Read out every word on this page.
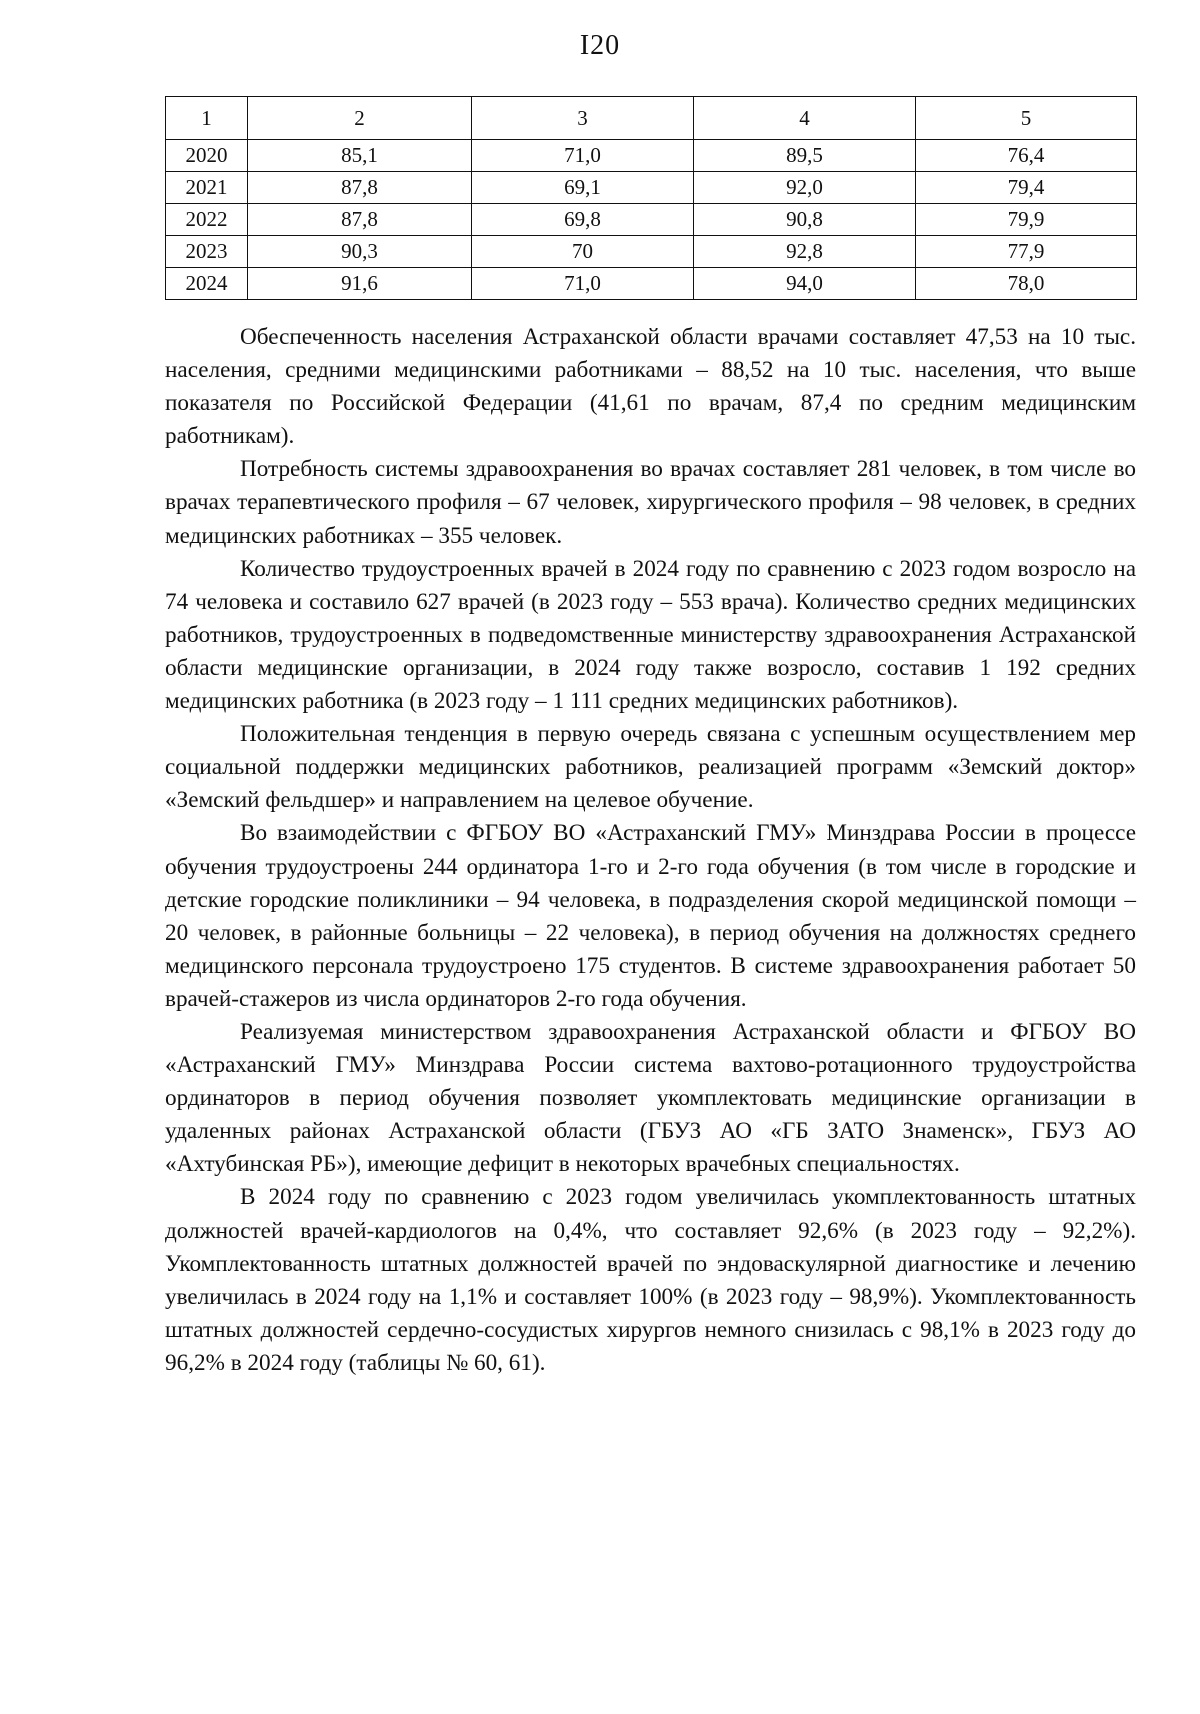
I20
1	2	3	4	5
2020	85,1	71,0	89,5	76,4
2021	87,8	69,1	92,0	79,4
2022	87,8	69,8	90,8	79,9
2023	90,3	70	92,8	77,9
2024	91,6	71,0	94,0	78,0

Обеспеченность населения Астраханской области врачами составляет 47,53 на 10 тыс. населения, средними медицинскими работниками – 88,52 на 10 тыс. населения, что выше показателя по Российской Федерации (41,61 по врачам, 87,4 по средним медицинским работникам).

Потребность системы здравоохранения во врачах составляет 281 человек, в том числе во врачах терапевтического профиля – 67 человек, хирургического профиля – 98 человек, в средних медицинских работниках – 355 человек.

Количество трудоустроенных врачей в 2024 году по сравнению с 2023 годом возросло на 74 человека и составило 627 врачей (в 2023 году – 553 врача). Количество средних медицинских работников, трудоустроенных в подведомственные министерству здравоохранения Астраханской области медицинские организации, в 2024 году также возросло, составив 1 192 средних медицинских работника (в 2023 году – 1 111 средних медицинских работников).

Положительная тенденция в первую очередь связана с успешным осуществлением мер социальной поддержки медицинских работников, реализацией программ «Земский доктор» «Земский фельдшер» и направлением на целевое обучение.

Во взаимодействии с ФГБОУ ВО «Астраханский ГМУ» Минздрава России в процессе обучения трудоустроены 244 ординатора 1-го и 2-го года обучения (в том числе в городские и детские городские поликлиники – 94 человека, в подразделения скорой медицинской помощи – 20 человек, в районные больницы – 22 человека), в период обучения на должностях среднего медицинского персонала трудоустроено 175 студентов. В системе здравоохранения работает 50 врачей-стажеров из числа ординаторов 2-го года обучения.

Реализуемая министерством здравоохранения Астраханской области и ФГБОУ ВО «Астраханский ГМУ» Минздрава России система вахтово-ротационного трудоустройства ординаторов в период обучения позволяет укомплектовать медицинские организации в удаленных районах Астраханской области (ГБУЗ АО «ГБ ЗАТО Знаменск», ГБУЗ АО «Ахтубинская РБ»), имеющие дефицит в некоторых врачебных специальностях.

В 2024 году по сравнению с 2023 годом увеличилась укомплектованность штатных должностей врачей-кардиологов на 0,4%, что составляет 92,6% (в 2023 году – 92,2%). Укомплектованность штатных должностей врачей по эндоваскулярной диагностике и лечению увеличилась в 2024 году на 1,1% и составляет 100% (в 2023 году – 98,9%). Укомплектованность штатных должностей сердечно-сосудистых хирургов немного снизилась с 98,1% в 2023 году до 96,2% в 2024 году (таблицы № 60, 61).
